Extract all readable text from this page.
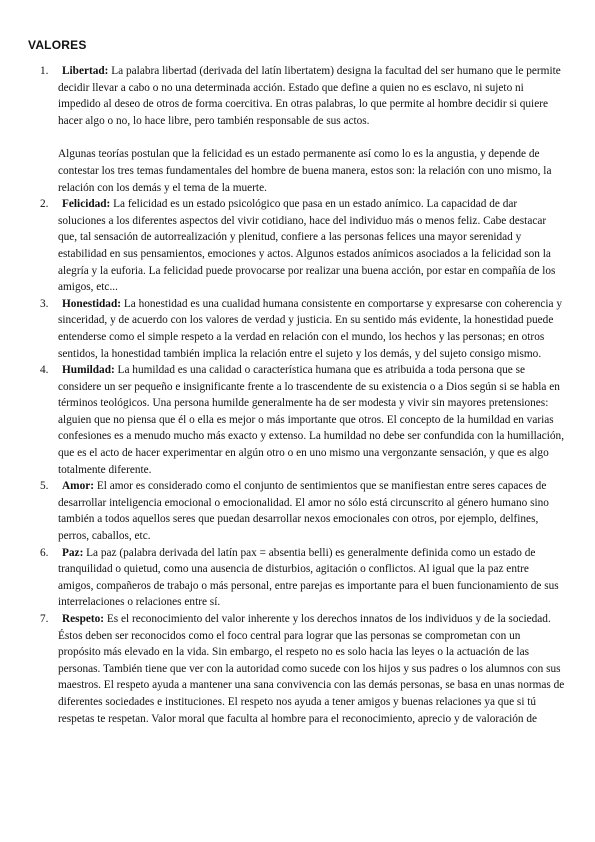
VALORES
1. Libertad: La palabra libertad (derivada del latín libertatem) designa la facultad del ser humano que le permite decidir llevar a cabo o no una determinada acción. Estado que define a quien no es esclavo, ni sujeto ni impedido al deseo de otros de forma coercitiva. En otras palabras, lo que permite al hombre decidir si quiere hacer algo o no, lo hace libre, pero también responsable de sus actos.
Algunas teorías postulan que la felicidad es un estado permanente así como lo es la angustia, y depende de contestar los tres temas fundamentales del hombre de buena manera, estos son: la relación con uno mismo, la relación con los demás y el tema de la muerte.
2. Felicidad: La felicidad es un estado psicológico que pasa en un estado anímico. La capacidad de dar soluciones a los diferentes aspectos del vivir cotidiano, hace del individuo más o menos feliz. Cabe destacar que, tal sensación de autorrealización y plenitud, confiere a las personas felices una mayor serenidad y estabilidad en sus pensamientos, emociones y actos. Algunos estados anímicos asociados a la felicidad son la alegría y la euforia. La felicidad puede provocarse por realizar una buena acción, por estar en compañía de los amigos, etc...
3. Honestidad: La honestidad es una cualidad humana consistente en comportarse y expresarse con coherencia y sinceridad, y de acuerdo con los valores de verdad y justicia. En su sentido más evidente, la honestidad puede entenderse como el simple respeto a la verdad en relación con el mundo, los hechos y las personas; en otros sentidos, la honestidad también implica la relación entre el sujeto y los demás, y del sujeto consigo mismo.
4. Humildad: La humildad es una calidad o característica humana que es atribuida a toda persona que se considere un ser pequeño e insignificante frente a lo trascendente de su existencia o a Dios según si se habla en términos teológicos. Una persona humilde generalmente ha de ser modesta y vivir sin mayores pretensiones: alguien que no piensa que él o ella es mejor o más importante que otros. El concepto de la humildad en varias confesiones es a menudo mucho más exacto y extenso. La humildad no debe ser confundida con la humillación, que es el acto de hacer experimentar en algún otro o en uno mismo una vergonzante sensación, y que es algo totalmente diferente.
5. Amor: El amor es considerado como el conjunto de sentimientos que se manifiestan entre seres capaces de desarrollar inteligencia emocional o emocionalidad. El amor no sólo está circunscrito al género humano sino también a todos aquellos seres que puedan desarrollar nexos emocionales con otros, por ejemplo, delfines, perros, caballos, etc.
6. Paz: La paz (palabra derivada del latín pax = absentia belli) es generalmente definida como un estado de tranquilidad o quietud, como una ausencia de disturbios, agitación o conflictos. Al igual que la paz entre amigos, compañeros de trabajo o más personal, entre parejas es importante para el buen funcionamiento de sus interrelaciones o relaciones entre sí.
7. Respeto: Es el reconocimiento del valor inherente y los derechos innatos de los individuos y de la sociedad. Éstos deben ser reconocidos como el foco central para lograr que las personas se comprometan con un propósito más elevado en la vida. Sin embargo, el respeto no es solo hacia las leyes o la actuación de las personas. También tiene que ver con la autoridad como sucede con los hijos y sus padres o los alumnos con sus maestros. El respeto ayuda a mantener una sana convivencia con las demás personas, se basa en unas normas de diferentes sociedades e instituciones. El respeto nos ayuda a tener amigos y buenas relaciones ya que si tú respetas te respetan. Valor moral que faculta al hombre para el reconocimiento, aprecio y de valoración de
